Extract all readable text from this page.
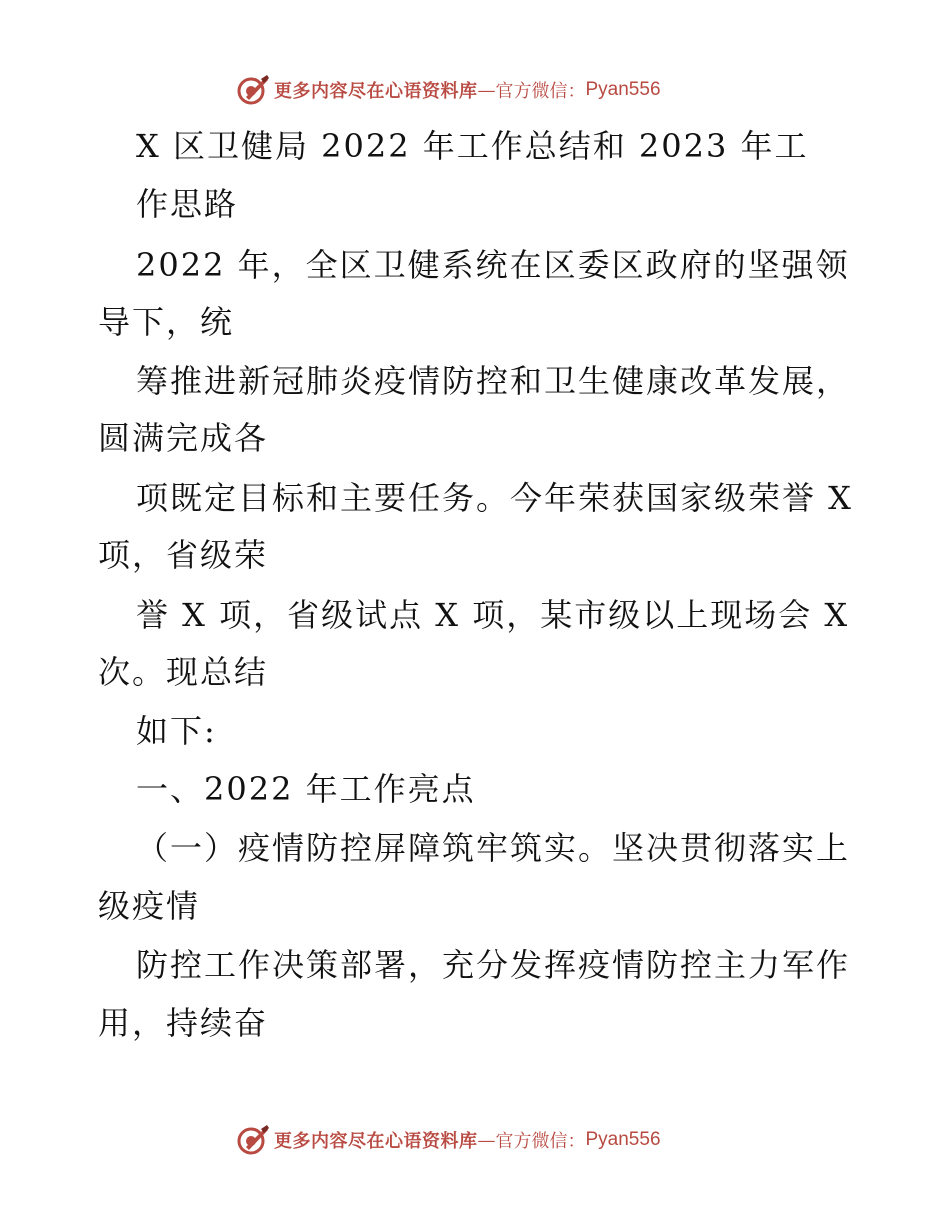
更多内容尽在心语资料库 — 官方微信： Pyan556
X 区卫健局 2022 年工作总结和 2023 年工
作思路
2022 年，全区卫健系统在区委区政府的坚强领
导下，统
筹推进新冠肺炎疫情防控和卫生健康改革发展，
圆满完成各
项既定目标和主要任务。今年荣获国家级荣誉 X
项，省级荣
誉 X 项，省级试点 X 项，某市级以上现场会 X
次。现总结
如下:
一、2022 年工作亮点
（一）疫情防控屏障筑牢筑实。坚决贯彻落实上
级疫情
防控工作决策部署，充分发挥疫情防控主力军作
用，持续奋
更多内容尽在心语资料库 — 官方微信： Pyan556
